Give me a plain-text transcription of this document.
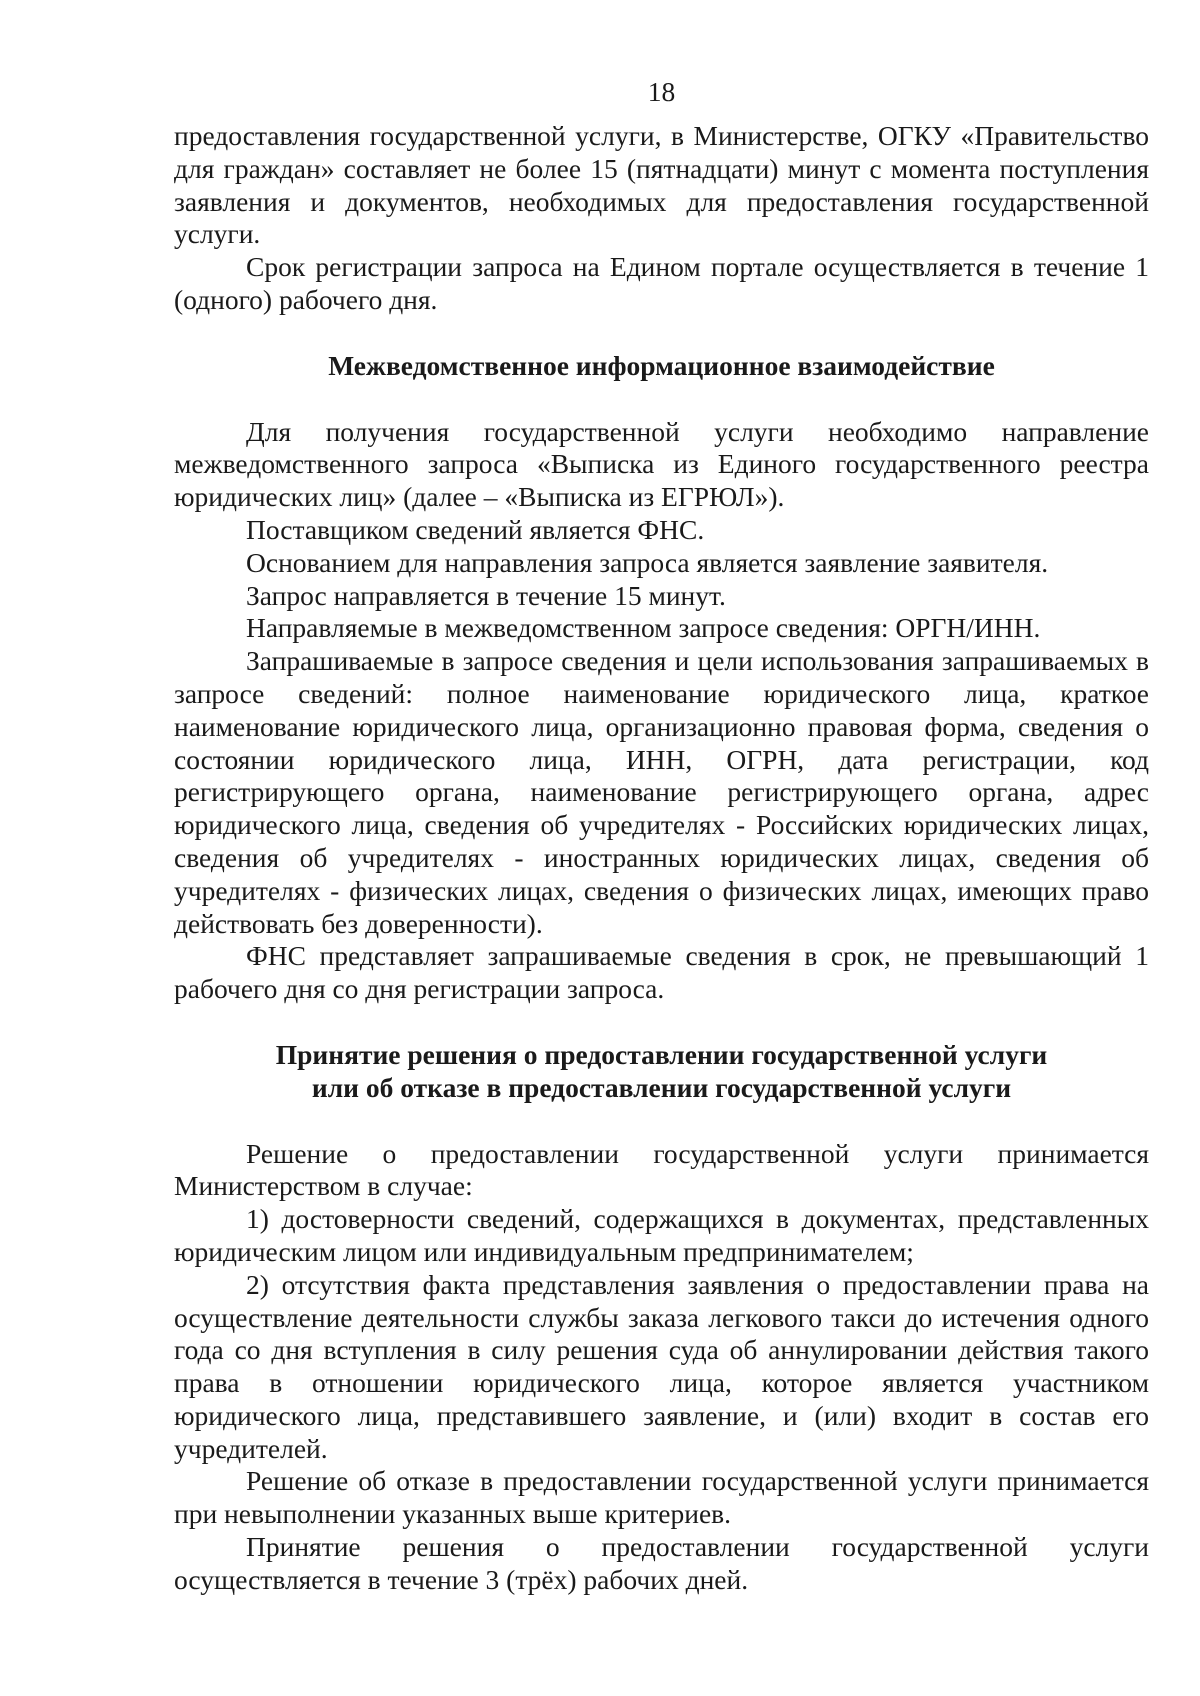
18

предоставления государственной услуги, в Министерстве, ОГКУ «Правительство для граждан» составляет не более 15 (пятнадцати) минут с момента поступления заявления и документов, необходимых для предоставления государственной услуги.

Срок регистрации запроса на Едином портале осуществляется в течение 1 (одного) рабочего дня.

Межведомственное информационное взаимодействие

Для получения государственной услуги необходимо направление межведомственного запроса «Выписка из Единого государственного реестра юридических лиц» (далее – «Выписка из ЕГРЮЛ»).

Поставщиком сведений является ФНС.

Основанием для направления запроса является заявление заявителя.

Запрос направляется в течение 15 минут.

Направляемые в межведомственном запросе сведения: ОРГН/ИНН.

Запрашиваемые в запросе сведения и цели использования запрашиваемых в запросе сведений: полное наименование юридического лица, краткое наименование юридического лица, организационно правовая форма, сведения о состоянии юридического лица, ИНН, ОГРН, дата регистрации, код регистрирующего органа, наименование регистрирующего органа, адрес юридического лица, сведения об учредителях - Российских юридических лицах, сведения об учредителях - иностранных юридических лицах, сведения об учредителях - физических лицах, сведения о физических лицах, имеющих право действовать без доверенности).

ФНС представляет запрашиваемые сведения в срок, не превышающий 1 рабочего дня со дня регистрации запроса.

Принятие решения о предоставлении государственной услуги

или об отказе в предоставлении государственной услуги

Решение о предоставлении государственной услуги принимается Министерством в случае:

1) достоверности сведений, содержащихся в документах, представленных юридическим лицом или индивидуальным предпринимателем;

2) отсутствия факта представления заявления о предоставлении права на осуществление деятельности службы заказа легкового такси до истечения одного года со дня вступления в силу решения суда об аннулировании действия такого права в отношении юридического лица, которое является участником юридического лица, представившего заявление, и (или) входит в состав его учредителей.

Решение об отказе в предоставлении государственной услуги принимается при невыполнении указанных выше критериев.

Принятие решения о предоставлении государственной услуги осуществляется в течение 3 (трёх) рабочих дней.
